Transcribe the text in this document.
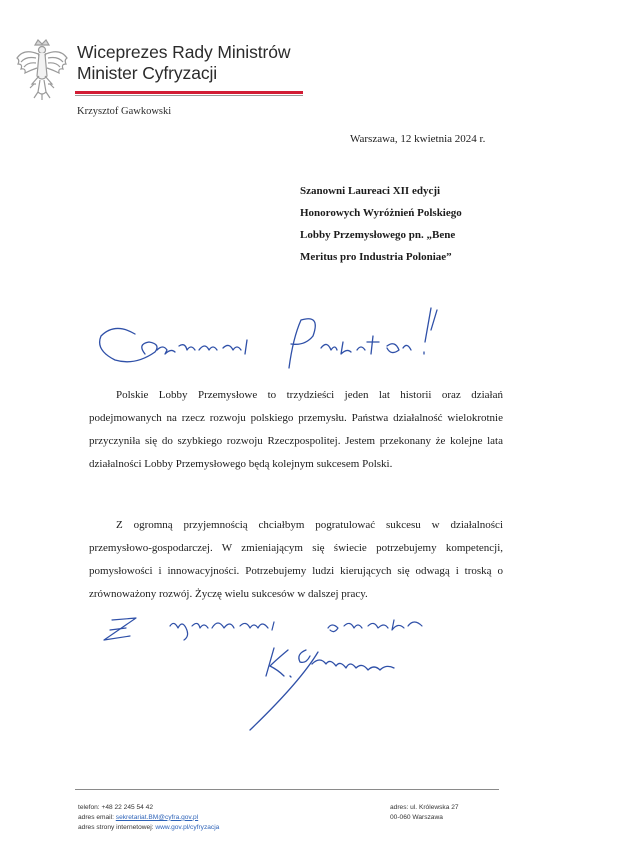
Wiceprezes Rady Ministrów
Minister Cyfryzacji
Krzysztof Gawkowski
Warszawa, 12 kwietnia 2024 r.
Szanowni Laureaci XII edycji
Honorowych Wyróżnień Polskiego
Lobby Przemysłowego pn. „Bene
Meritus pro Industria Poloniae”

Polskie Lobby Przemysłowe to trzydzieści jeden lat historii oraz działań podejmowanych na rzecz rozwoju polskiego przemysłu. Państwa działalność wielokrotnie przyczyniła się do szybkiego rozwoju Rzeczpospolitej. Jestem przekonany że kolejne lata działalności Lobby Przemysłowego będą kolejnym sukcesem Polski.

Z ogromną przyjemnością chciałbym pogratulować sukcesu w działalności przemysłowo-gospodarczej. W zmieniającym się świecie potrzebujemy kompetencji, pomysłowości i innowacyjności. Potrzebujemy ludzi kierujących się odwagą i troską o zrównoważony rozwój. Życzę wielu sukcesów w dalszej pracy.

telefon: +48 22 245 54 42
adres email: sekretariat.BM@cyfra.gov.pl
adres strony internetowej: www.gov.pl/cyfryzacja
adres: ul. Królewska 27
00-060 Warszawa
